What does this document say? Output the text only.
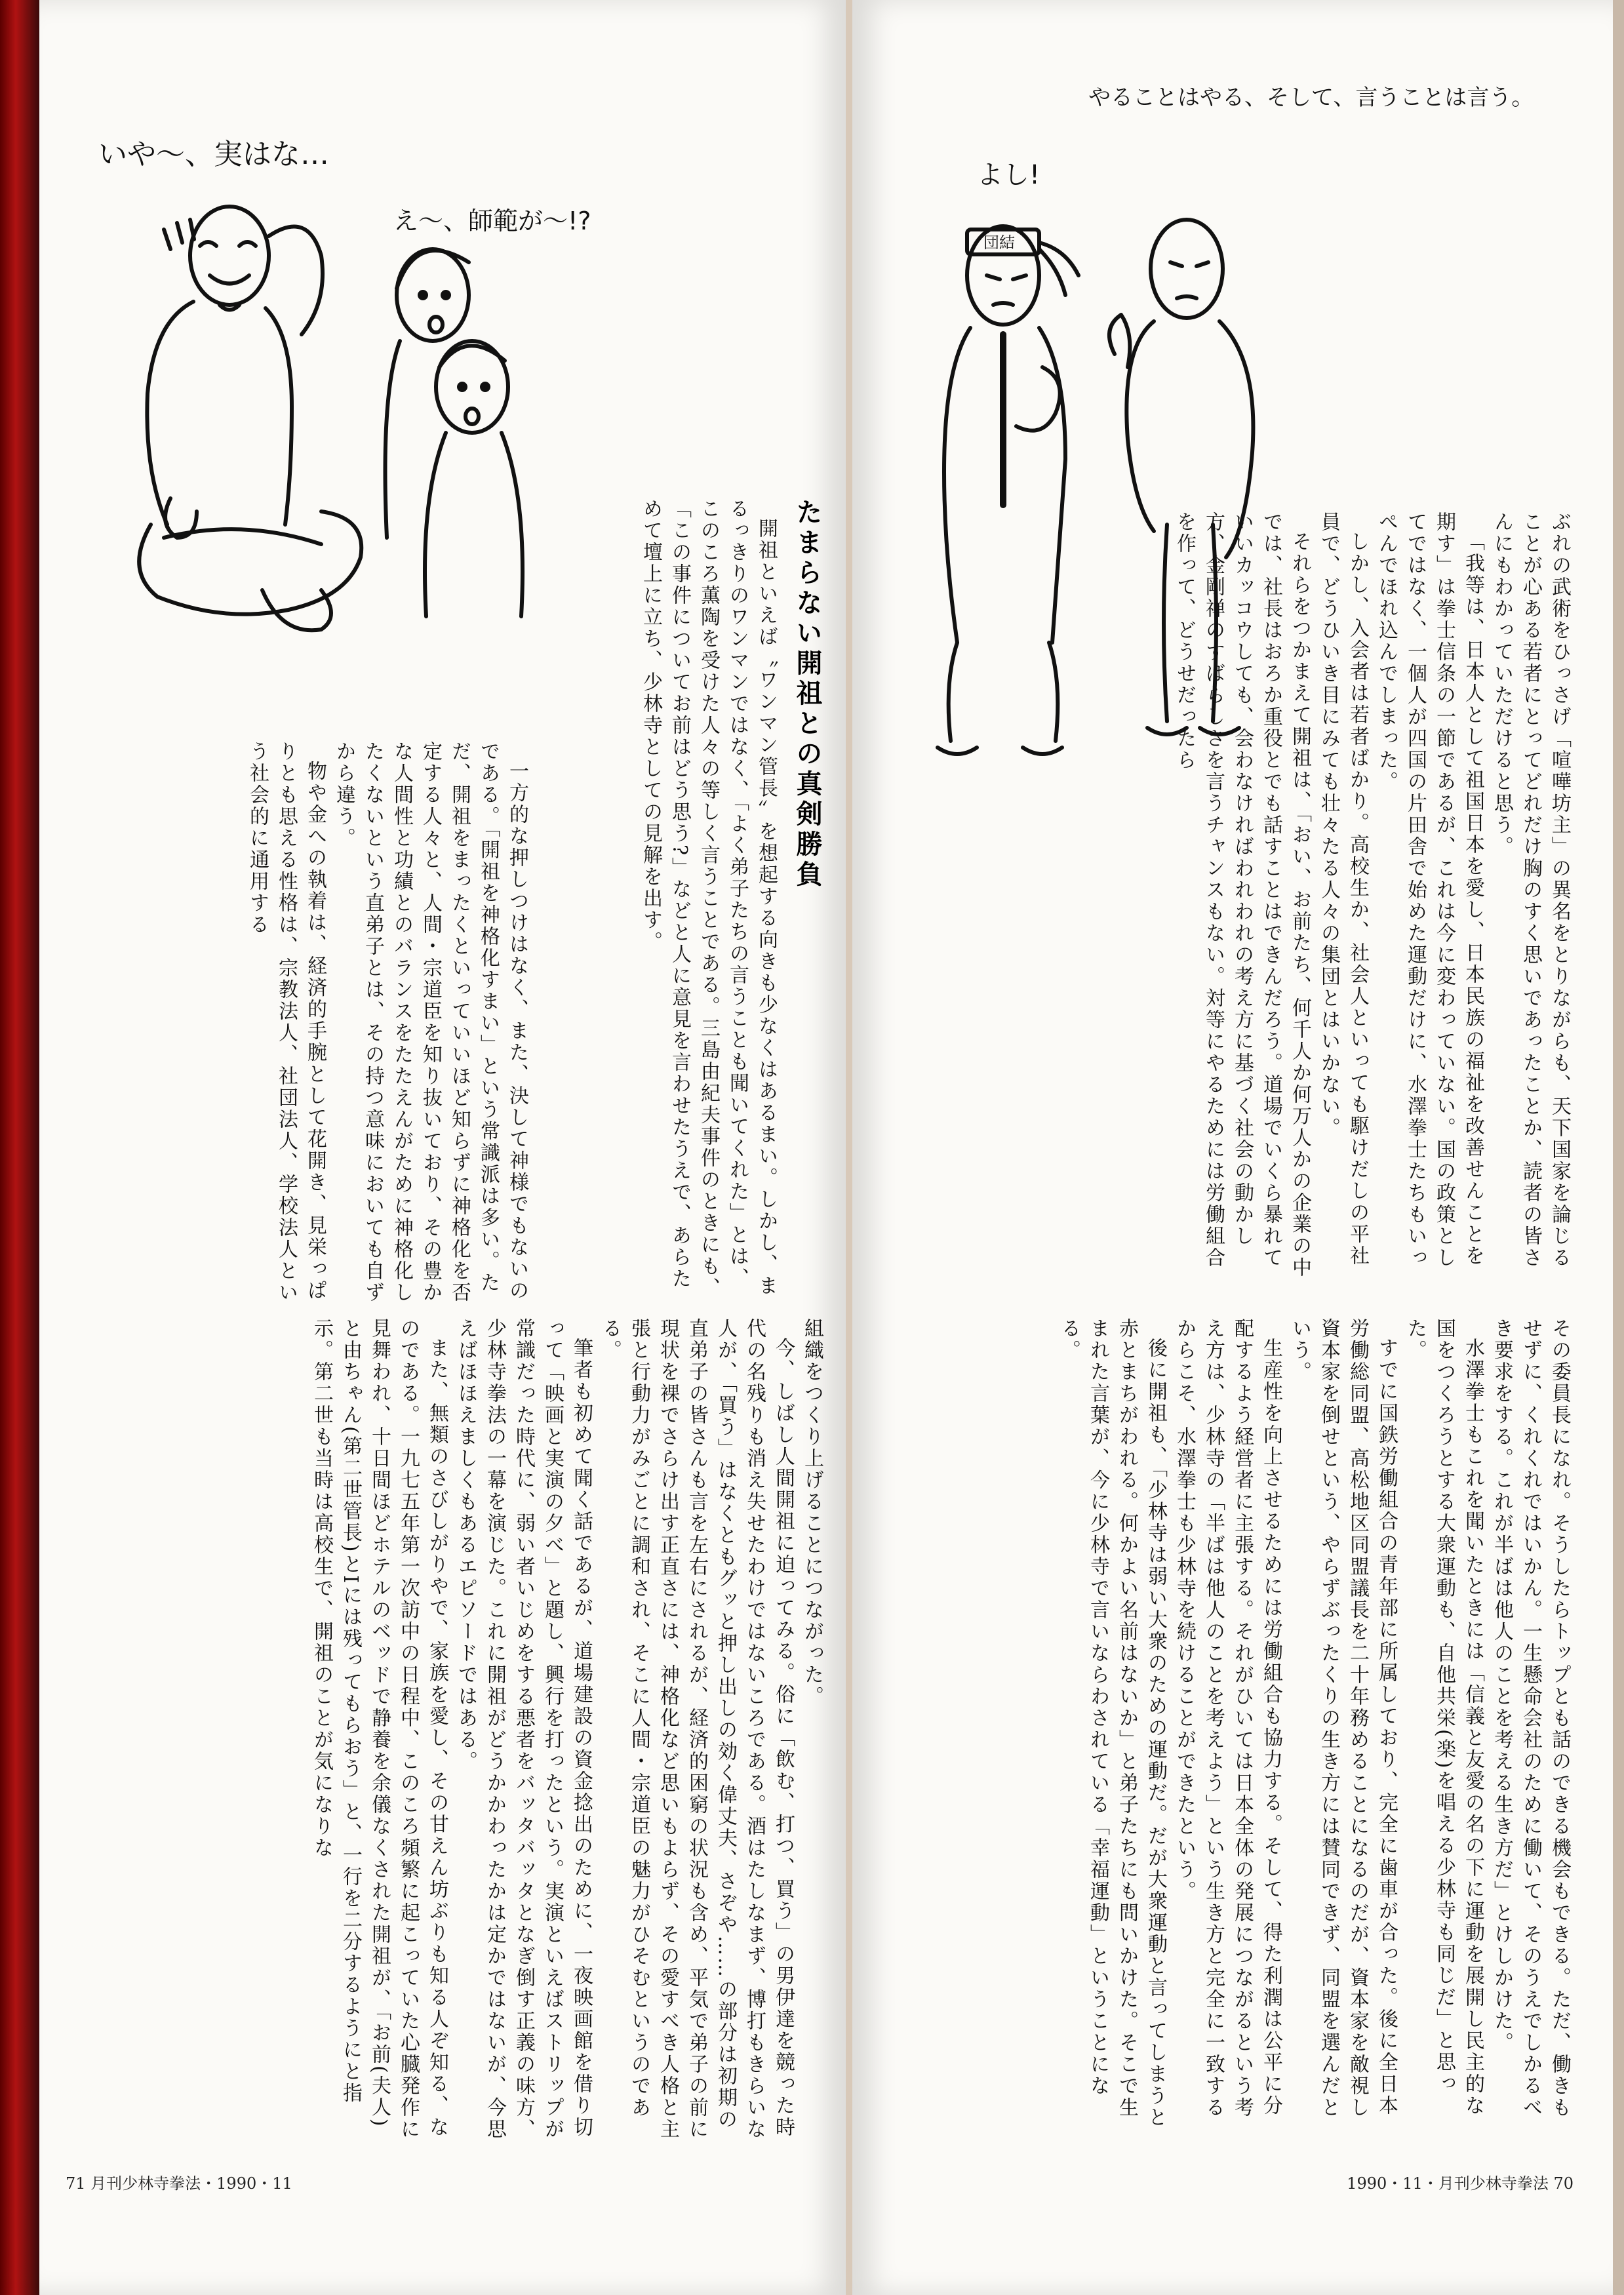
いや〜、実はな…
え〜、師範が〜!?
たまらない開祖との真剣勝負

開祖といえば〝ワンマン管長〟を想起する向きも少なくはあるまい。しかし、まるっきりのワンマンではなく、「よく弟子たちの言うことも聞いてくれた」とは、このころ薫陶を受けた人々の等しく言うことである。三島由紀夫事件のときにも、「この事件についてお前はどう思う?」などと人に意見を言わせたうえで、あらためて壇上に立ち、少林寺としての見解を出す。

一方的な押しつけはなく、また、決して神様でもないのである。「開祖を神格化すまい」という常識派は多い。ただ、開祖をまったくといっていいほど知らずに神格化を否定する人々と、人間・宗道臣を知り抜いており、その豊かな人間性と功績とのバランスをたたえんがために神格化したくないという直弟子とは、その持つ意味においても自ずから違う。

物や金への執着は、経済的手腕として花開き、見栄っぱりとも思える性格は、宗教法人、社団法人、学校法人という社会的に通用する

組織をつくり上げることにつながった。

今、しばし人間開祖に迫ってみる。俗に「飲む、打つ、買う」の男伊達を競った時代の名残りも消え失せたわけではないころである。酒はたしなまず、博打もきらいな人が、「買う」はなくともグッと押し出しの効く偉丈夫、さぞや……の部分は初期の直弟子の皆さんも言を左右にされるが、経済的困窮の状況も含め、平気で弟子の前に現状を裸でさらけ出す正直さには、神格化など思いもよらず、その愛すべき人格と主張と行動力がみごとに調和され、そこに人間・宗道臣の魅力がひそむというのである。

筆者も初めて聞く話であるが、道場建設の資金捻出のために、一夜映画館を借り切って「映画と実演の夕べ」と題し、興行を打ったという。実演といえばストリップが常識だった時代に、弱い者いじめをする悪者をバッタバッタとなぎ倒す正義の味方、少林寺拳法の一幕を演じた。これに開祖がどうかかわったかは定かではないが、今思えばほほえましくもあるエピソードではある。

また、無類のさびしがりやで、家族を愛し、その甘えん坊ぶりも知る人ぞ知る、なのである。一九七五年第一次訪中の日程中、このころ頻繁に起こっていた心臓発作に見舞われ、十日間ほどホテルのベッドで静養を余儀なくされた開祖が、「お前(夫人)と由ちゃん(第二世管長)とIには残ってもらおう」と、一行を二分するようにと指示。第二世も当時は高校生で、開祖のことが気になりな

71 月刊少林寺拳法・1990・11
やることはやる、そして、言うことは言う。
よし!
団結

ぶれの武術をひっさげ「喧嘩坊主」の異名をとりながらも、天下国家を論じることが心ある若者にとってどれだけ胸のすく思いであったことか、読者の皆さんにもわかっていただけると思う。

「我等は、日本人として祖国日本を愛し、日本民族の福祉を改善せんことを期す」は拳士信条の一節であるが、これは今に変わっていない。国の政策としてではなく、一個人が四国の片田舎で始めた運動だけに、水澤拳士たちもいっぺんでほれ込んでしまった。

しかし、入会者は若者ばかり。高校生か、社会人といっても駆けだしの平社員で、どうひいき目にみても壮々たる人々の集団とはいかない。

それらをつかまえて開祖は、「おい、お前たち、何千人か何万人かの企業の中では、社長はおろか重役とでも話すことはできんだろう。道場でいくら暴れていいカッコウしても、会わなければわれわれの考え方に基づく社会の動かし方、金剛禅のすばらしさを言うチャンスもない。対等にやるためには労働組合を作って、どうせだったら

その委員長になれ。そうしたらトップとも話のできる機会もできる。ただ、働きもせずに、くれくれではいかん。一生懸命会社のために働いて、そのうえでしかるべき要求をする。これが半ばは他人のことを考える生き方だ」とけしかけた。

水澤拳士もこれを聞いたときには「信義と友愛の名の下に運動を展開し民主的な国をつくろうとする大衆運動も、自他共栄(楽)を唱える少林寺も同じだ」と思った。

すでに国鉄労働組合の青年部に所属しており、完全に歯車が合った。後に全日本労働総同盟、高松地区同盟議長を二十年務めることになるのだが、資本家を敵視し資本家を倒せという、やらずぶったくりの生き方には賛同できず、同盟を選んだという。

生産性を向上させるためには労働組合も協力する。そして、得た利潤は公平に分配するよう経営者に主張する。それがひいては日本全体の発展につながるという考え方は、少林寺の「半ばは他人のことを考えよう」という生き方と完全に一致するからこそ、水澤拳士も少林寺を続けることができたという。

後に開祖も、「少林寺は弱い大衆のための運動だ。だが大衆運動と言ってしまうと赤とまちがわれる。何かよい名前はないか」と弟子たちにも問いかけた。そこで生まれた言葉が、今に少林寺で言いならわされている「幸福運動」ということになる。

1990・11・月刊少林寺拳法 70
